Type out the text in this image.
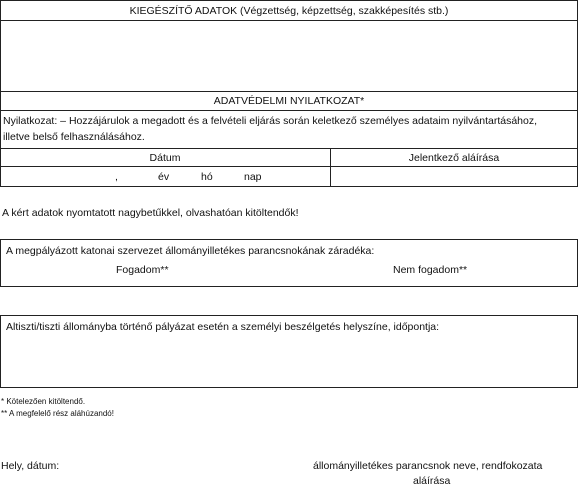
KIEGÉSZÍTŐ ADATOK (Végzettség, képzettség, szakképesítés stb.)
ADATVÉDELMI NYILATKOZAT*
Nyilatkozat: – Hozzájárulok a megadott és a felvételi eljárás során keletkező személyes adataim nyilvántartásához,
illetve belső felhasználásához.
Dátum	Jelentkező aláírása
,	év	hó	nap
A kért adatok nyomtatott nagybetűkkel, olvashatóan kitöltendők!
A megpályázott katonai szervezet állományilletékes parancsnokának záradéka:
Fogadom**	Nem fogadom**
Altiszti/tiszti állományba történő pályázat esetén a személyi beszélgetés helyszíne, időpontja:
* Kötelezően kitöltendő.
** A megfelelő rész aláhúzandó!
Hely, dátum:	állományilletékes parancsnok neve, rendfokozata
aláírása
